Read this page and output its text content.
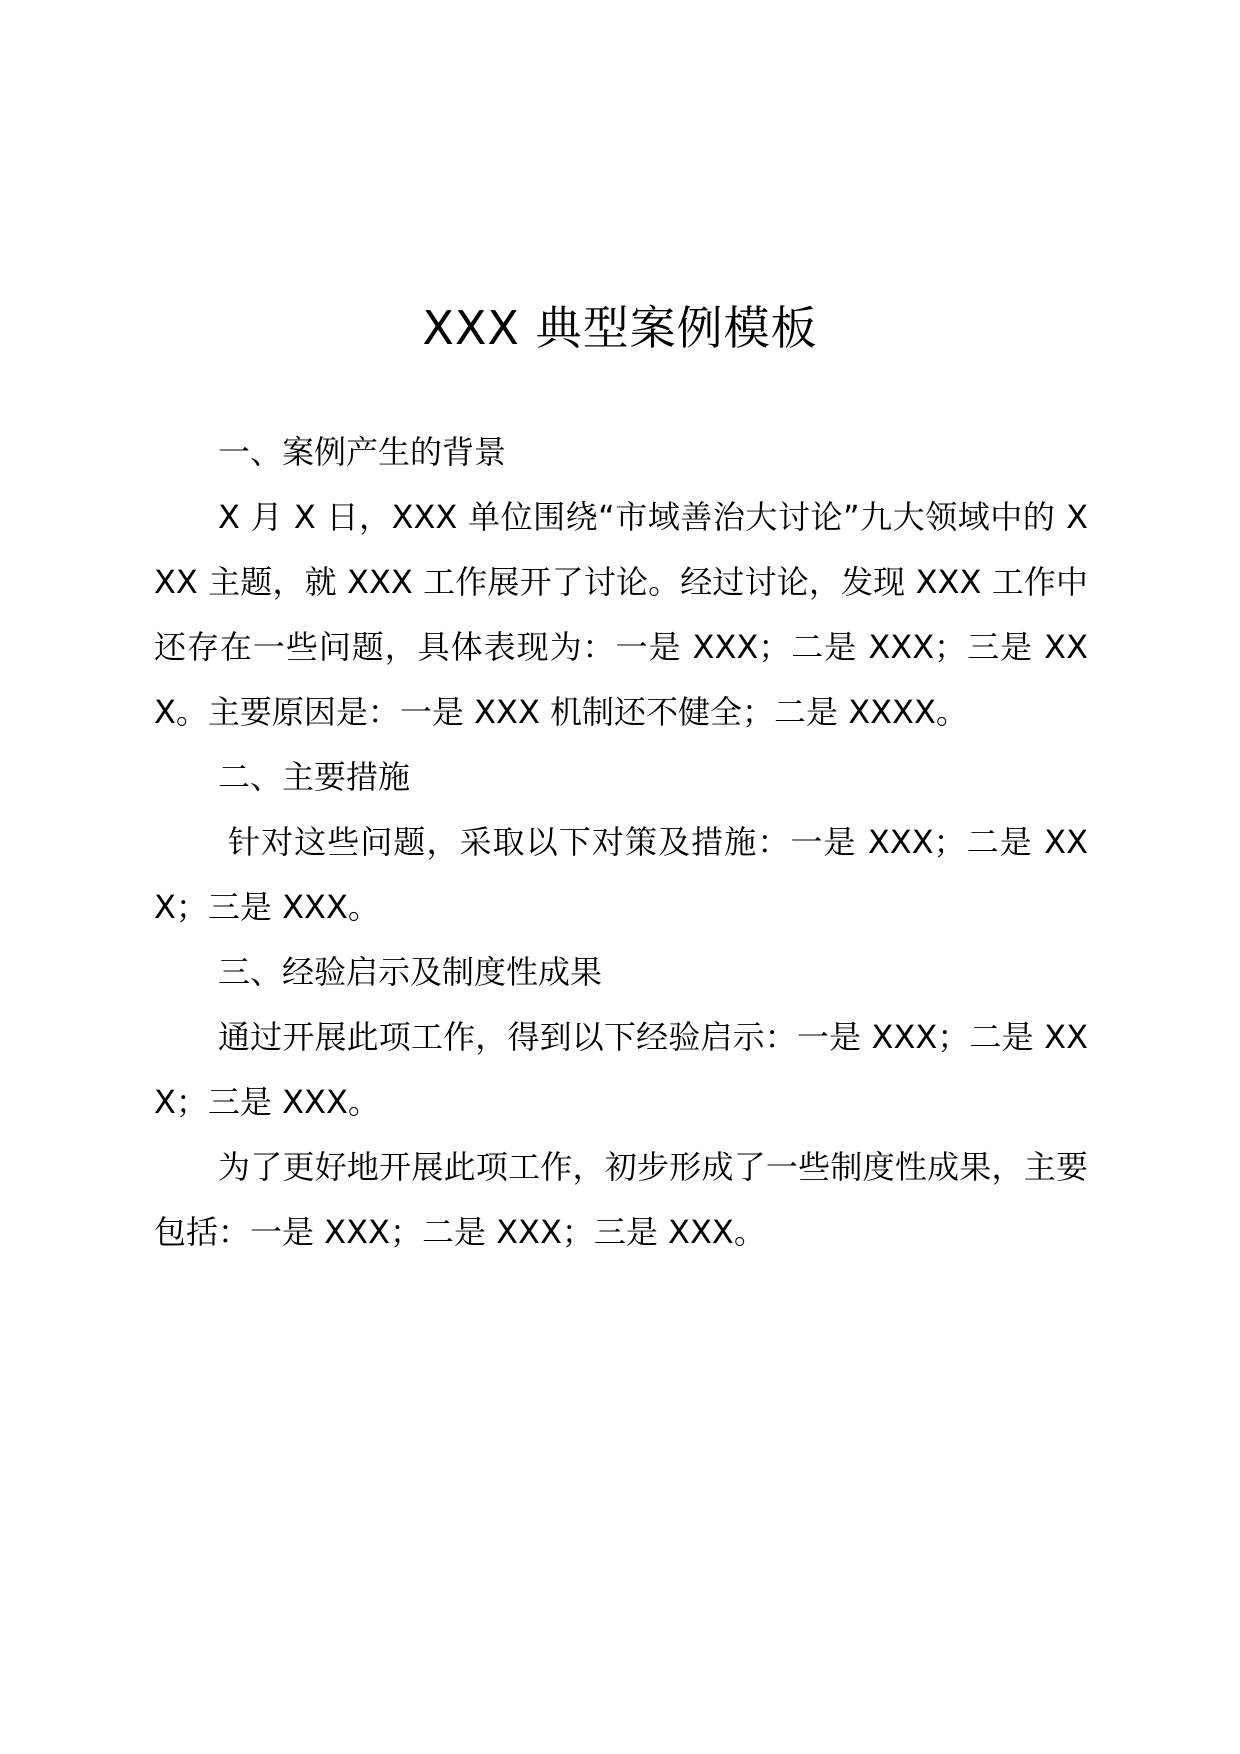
XXX 典型案例模板

一、案例产生的背景

X 月 X 日，XXX 单位围绕“市域善治大讨论”九大领域中的 XXX 主题，就 XXX 工作展开了讨论。经过讨论，发现 XXX 工作中还存在一些问题，具体表现为：一是 XXX；二是 XXX；三是 XXX。主要原因是：一是 XXX 机制还不健全；二是 XXXX。

二、主要措施

针对这些问题，采取以下对策及措施：一是 XXX；二是 XXX；三是 XXX。

三、经验启示及制度性成果

通过开展此项工作，得到以下经验启示：一是 XXX；二是 XXX；三是 XXX。

为了更好地开展此项工作，初步形成了一些制度性成果，主要包括：一是 XXX；二是 XXX；三是 XXX。
